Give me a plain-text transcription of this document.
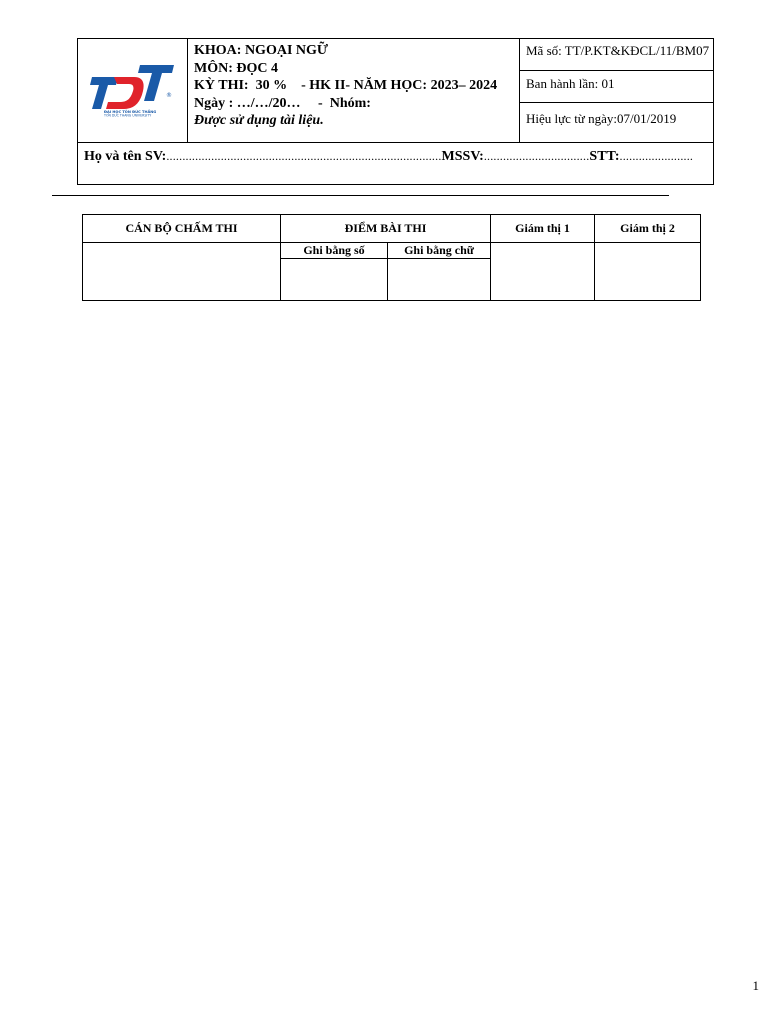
®
ĐẠI HỌC TÔN ĐỨC THẮNG
TON DUC THANG UNIVERSITY

KHOA: NGOẠI NGỮ
MÔN: ĐỌC 4
KỲ THI:  30 %    - HK II- NĂM HỌC: 2023– 2024
Ngày : …/…/20…     -  Nhóm:
Được sử dụng tài liệu.

Mã số: TT/P.KT&KĐCL/11/BM07
Ban hành lần: 01
Hiệu lực từ ngày:07/01/2019

Họ và tên SV:......................................................................................MSSV:.................................STT:.......................
CÁN BỘ CHẤM THI	ĐIỂM BÀI THI		Giám thị 1	Giám thị 2
	Ghi bằng số	Ghi bằng chữ		

1
